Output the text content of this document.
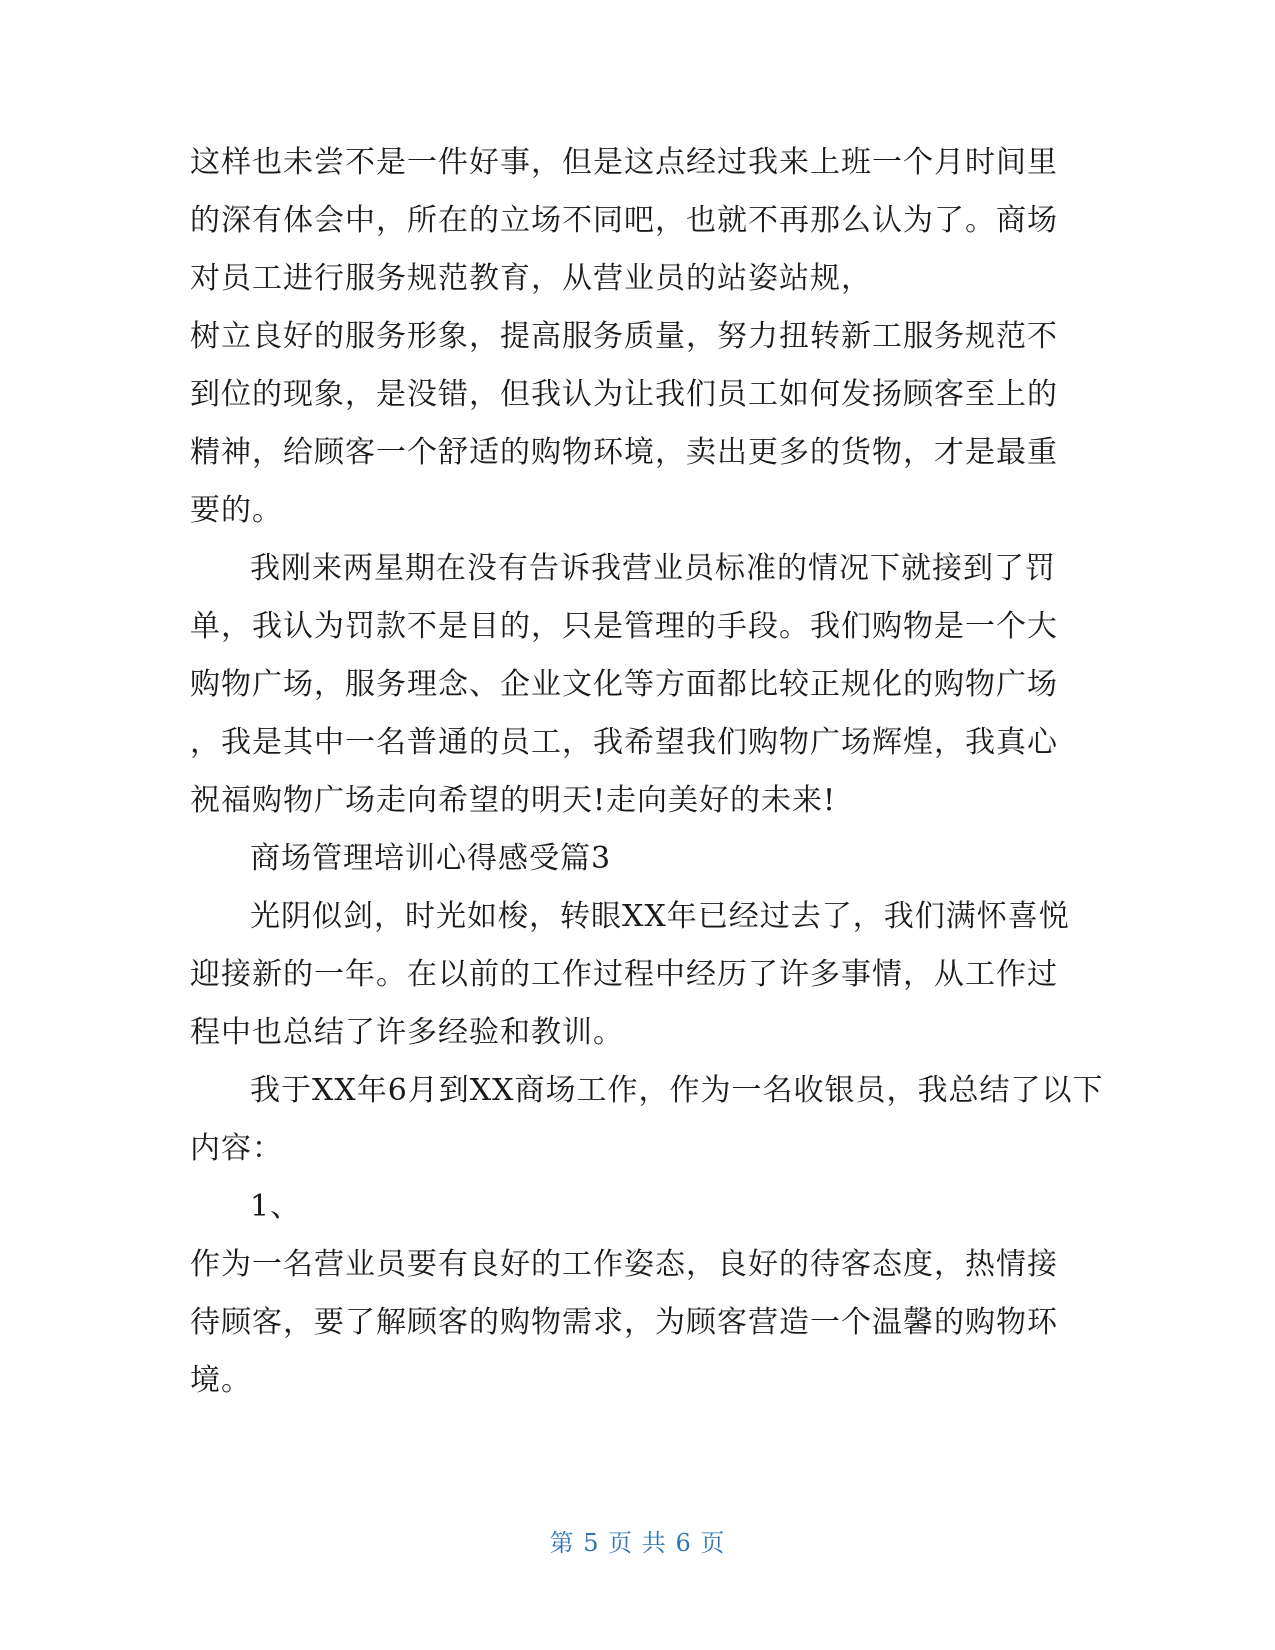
这样也未尝不是一件好事，但是这点经过我来上班一个月时间里
的深有体会中，所在的立场不同吧，也就不再那么认为了。商场
对员工进行服务规范教育，从营业员的站姿站规，
树立良好的服务形象，提高服务质量，努力扭转新工服务规范不
到位的现象，是没错，但我认为让我们员工如何发扬顾客至上的
精神，给顾客一个舒适的购物环境，卖出更多的货物，才是最重
要的。
我刚来两星期在没有告诉我营业员标准的情况下就接到了罚
单，我认为罚款不是目的，只是管理的手段。我们购物是一个大
购物广场，服务理念、企业文化等方面都比较正规化的购物广场
，我是其中一名普通的员工，我希望我们购物广场辉煌，我真心
祝福购物广场走向希望的明天!走向美好的未来!
商场管理培训心得感受篇3
光阴似剑，时光如梭，转眼XX年已经过去了，我们满怀喜悦
迎接新的一年。在以前的工作过程中经历了许多事情，从工作过
程中也总结了许多经验和教训。
我于XX年6月到XX商场工作，作为一名收银员，我总结了以下
内容：
1、
作为一名营业员要有良好的工作姿态，良好的待客态度，热情接
待顾客，要了解顾客的购物需求，为顾客营造一个温馨的购物环
境。
第 5 页 共 6 页
